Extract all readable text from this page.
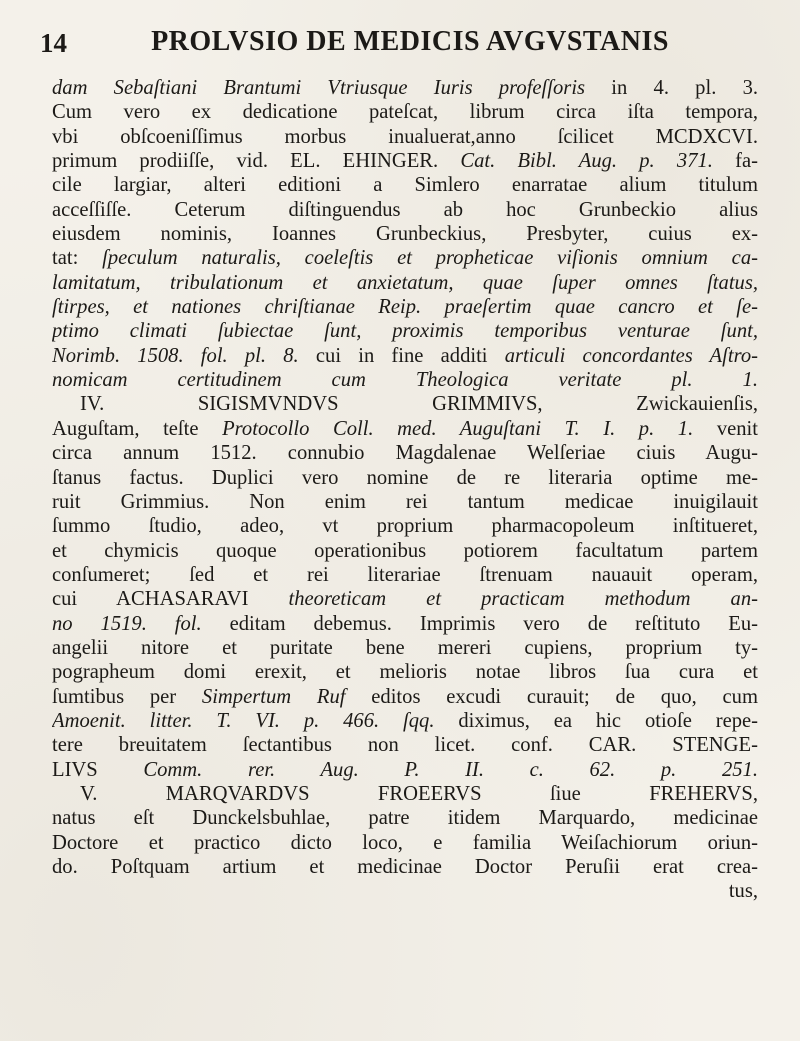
14	PROLVSIO DE MEDICIS AVGVSTANIS
dam Sebaſtiani Brantumi Vtriusque Iuris profeſſoris in 4. pl. 3.
Cum vero ex dedicatione pateſcat, librum circa iſta tempora,
vbi obſcoeniſſimus morbus inualuerat,anno ſcilicet MCDXCVI.
primum prodiiſſe, vid. EL. EHINGER. Cat. Bibl. Aug. p. 371. fa-
cile largiar, alteri editioni a Simlero enarratae alium titulum
acceſſiſſe. Ceterum diſtinguendus ab hoc Grunbeckio alius
eiusdem nominis, Ioannes Grunbeckius, Presbyter, cuius ex-
tat: ſpeculum naturalis, coeleſtis et propheticae viſionis omnium ca-
lamitatum, tribulationum et anxietatum, quae ſuper omnes ſtatus,
ſtirpes, et nationes chriſtianae Reip. praeſertim quae cancro et ſe-
ptimo climati ſubiectae ſunt, proximis temporibus venturae ſunt,
Norimb. 1508. fol. pl. 8. cui in fine additi articuli concordantes Aſtro-
nomicam certitudinem cum Theologica veritate pl. 1.
IV. SIGISMVNDVS GRIMMIVS, Zwickauienſis,
Auguſtam, teſte Protocollo Coll. med. Auguſtani T. I. p. 1. venit
circa annum 1512. connubio Magdalenae Welſeriae ciuis Augu-
ſtanus factus. Duplici vero nomine de re literaria optime me-
ruit Grimmius. Non enim rei tantum medicae inuigilauit
ſummo ſtudio, adeo, vt proprium pharmacopoleum inſtitueret,
et chymicis quoque operationibus potiorem facultatum partem
conſumeret; ſed et rei literariae ſtrenuam nauauit operam,
cui ACHASARAVI theoreticam et practicam methodum an-
no 1519. fol. editam debemus. Imprimis vero de reſtituto Eu-
angelii nitore et puritate bene mereri cupiens, proprium ty-
pographeum domi erexit, et melioris notae libros ſua cura et
ſumtibus per Simpertum Ruf editos excudi curauit; de quo, cum
Amoenit. litter. T. VI. p. 466. ſqq. diximus, ea hic otioſe repe-
tere breuitatem ſectantibus non licet. conf. CAR. STENGE-
LIVS Comm. rer. Aug. P. II. c. 62. p. 251.
V. MARQVARDVS FROEERVS ſiue FREHERVS,
natus eſt Dunckelsbuhlae, patre itidem Marquardo, medicinae
Doctore et practico dicto loco, e familia Weiſachiorum oriun-
do. Poſtquam artium et medicinae Doctor Peruſii erat crea-
tus,
